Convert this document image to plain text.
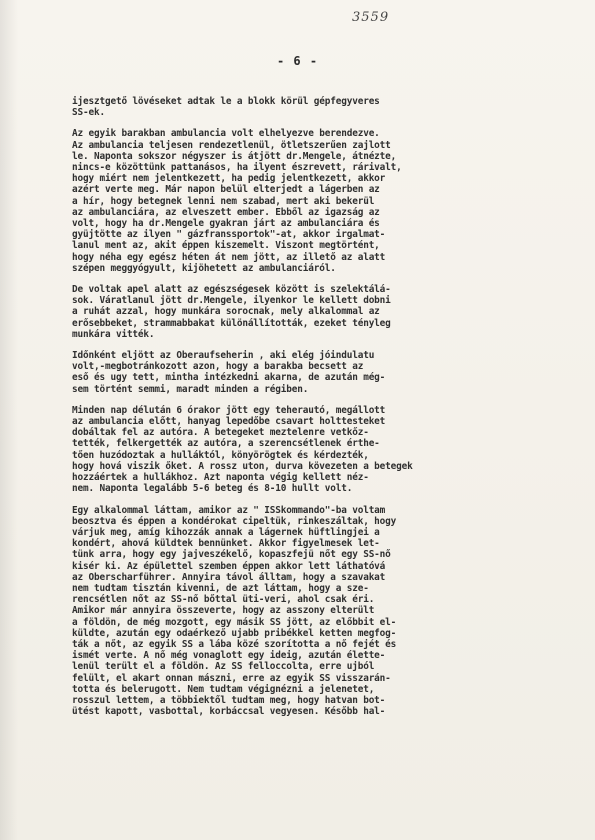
3559
- 6 -
ijesztgető lövéseket adtak le a blokk körül gépfegyveres
SS-ek.
Az egyik barakban ambulancia volt elhelyezve berendezve.
Az ambulancia teljesen rendezetlenül, ötletszerűen zajlott
le. Naponta sokszor négyszer is átjött dr.Mengele, átnézte,
nincs-e közöttünk pattanásos, ha ilyent észrevett, rárivalt,
hogy miért nem jelentkezett, ha pedig jelentkezett, akkor
azért verte meg. Már napon belül elterjedt a lágerben az
a hír, hogy betegnek lenni nem szabad, mert aki bekerül
az ambulanciára, az elveszett ember. Ebből az igazság az
volt, hogy ha dr.Mengele gyakran járt az ambulanciára és
gyüjtötte az ilyen " gázfranssportok"-at, akkor irgalmat-
lanul ment az, akit éppen kiszemelt. Viszont megtörtént,
hogy néha egy egész héten át nem jött, az illető az alatt
szépen meggyógyult, kijöhetett az ambulanciáról.
De voltak apel alatt az egészségesek között is szelektálá-
sok. Váratlanul jött dr.Mengele, ilyenkor le kellett dobni
a ruhát azzal, hogy munkára sorocnak, mely alkalommal az
erősebbeket, strammabbakat különállították, ezeket tényleg
munkára vitték.
Időnként eljött az Oberaufseherin , aki elég jóindulatu
volt,-megbotránkozott azon, hogy a barakba becsett az
eső és ugy tett, mintha intézkedni akarna, de azután még-
sem történt semmi, maradt minden a régiben.
Minden nap délután 6 órakor jött egy teherautó, megállott
az ambulancia előtt, hanyag lepedőbe csavart holttesteket
dobáltak fel az autóra. A betegeket meztelenre vetkőz-
tették, felkergették az autóra, a szerencsétlenek érthe-
tően huzódoztak a hulláktól, könyörögtek és kérdezték,
hogy hová viszik őket. A rossz uton, durva kövezeten a betegek
hozzáértek a hullákhoz. Azt naponta végig kellett néz-
nem. Naponta legalább 5-6 beteg és 8-10 hullt volt.
Egy alkalommal láttam, amikor az " ISSkommando"-ba voltam
beosztva és éppen a kondérokat cipeltük, rinkeszáltak, hogy
várjuk meg, amíg kihozzák annak a lágernek hüftlingjei a
kondért, ahová küldtek bennünket. Akkor figyelmesek let-
tünk arra, hogy egy jajveszékelő, kopaszfejü nőt egy SS-nő
kisér ki. Az épülettel szemben éppen akkor lett láthatóvá
az Oberscharführer. Annyira távol álltam, hogy a szavakat
nem tudtam tisztán kivenni, de azt láttam, hogy a sze-
rencsétlen nőt az SS-nő bőttal üti-veri, ahol csak éri.
Amikor már annyira összeverte, hogy az asszony elterült
a földön, de még mozgott, egy másik SS jött, az előbbit el-
küldte, azután egy odaérkező ujabb pribékkel ketten megfog-
ták a nőt, az egyik SS a lába közé szorította a nő fejét és
ismét verte. A nő még vonaglott egy ideig, azután élette-
lenül terült el a földön. Az SS felloccolta, erre ujból
felült, el akart onnan mászni, erre az egyik SS visszarán-
totta és belerugott. Nem tudtam végignézni a jelenetet,
rosszul lettem, a többiektől tudtam meg, hogy hatvan bot-
ütést kapott, vasbottal, korbáccsal vegyesen. Később hal-
